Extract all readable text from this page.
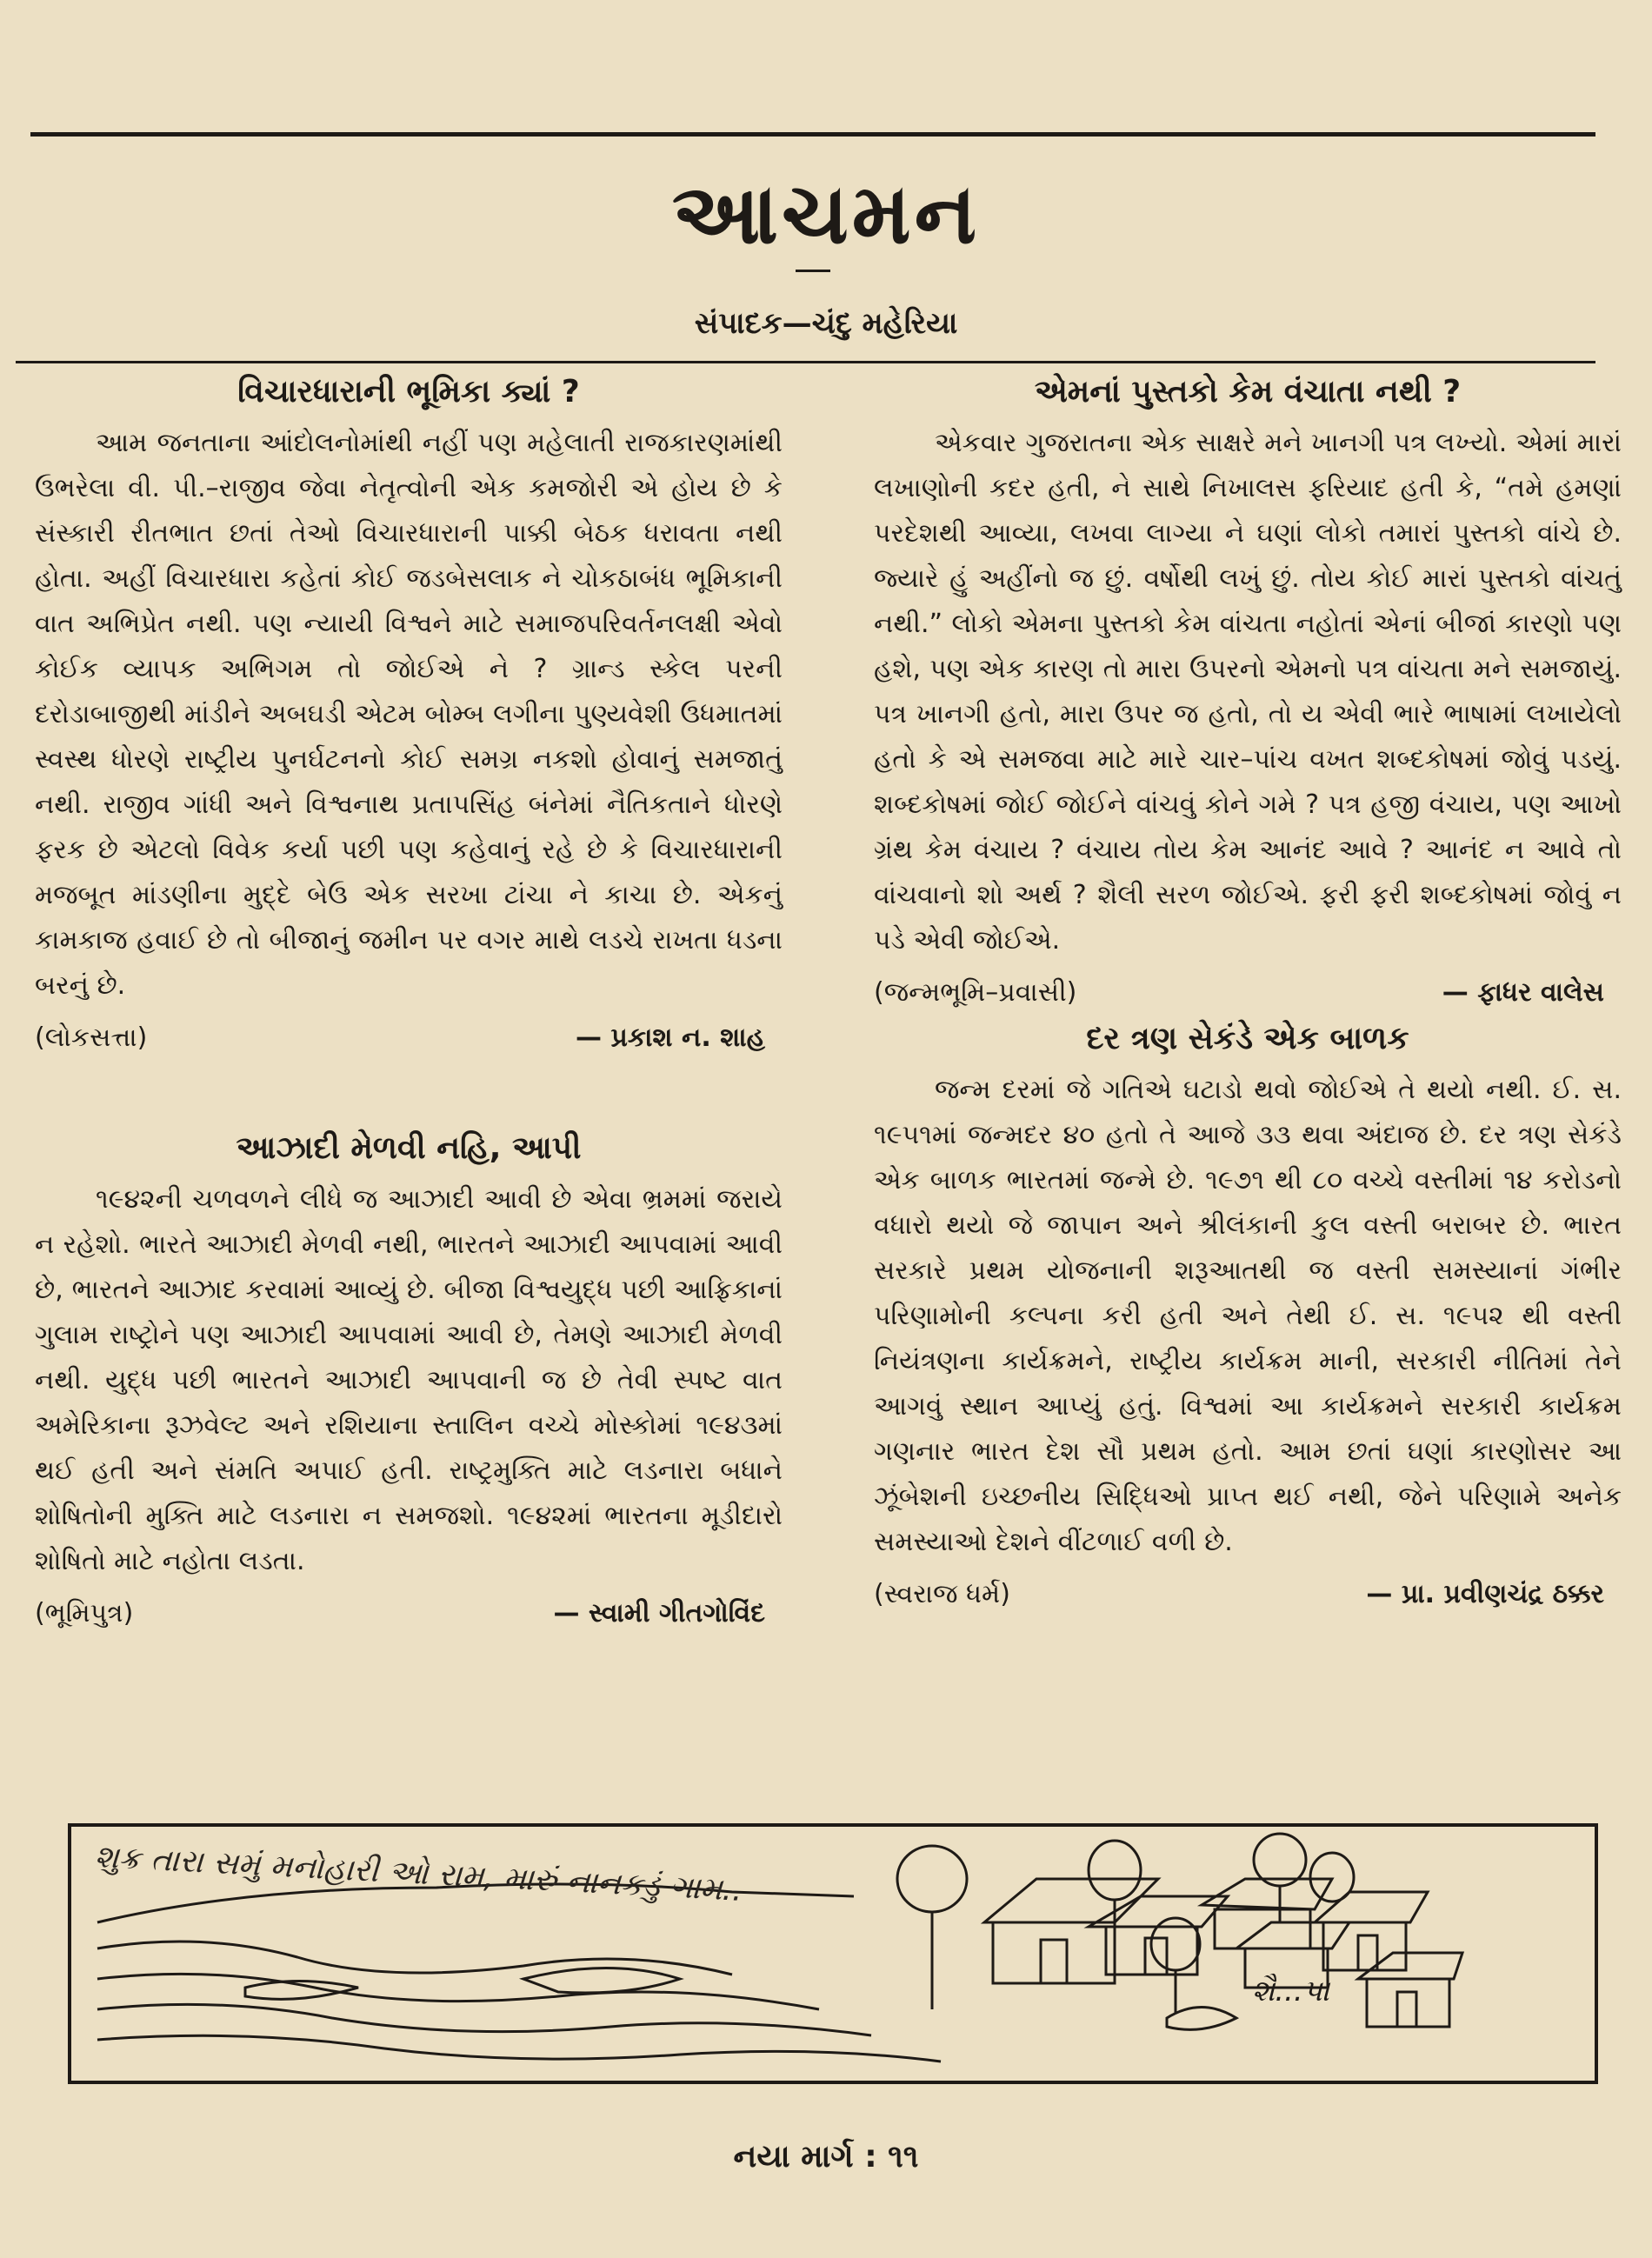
આચમન
સંપાદક—ચંદુ મહેરિયા
વિચારધારાની ભૂમિકા ક્યાં ?

આમ જનતાના આંદોલનોમાંથી નહીં પણ મહેલાતી રાજકારણમાંથી ઉભરેલા વી. પી.–રાજીવ જેવા નેતૃત્વોની એક કમજોરી એ હોય છે કે સંસ્કારી રીતભાત છતાં તેઓ વિચારધારાની પાક્કી બેઠક ધરાવતા નથી હોતા. અહીં વિચારધારા કહેતાં કોઈ જડબેસલાક ને ચોકઠાબંધ ભૂમિકાની વાત અભિપ્રેત નથી. પણ ન્યાયી વિશ્વને માટે સમાજપરિવર્તનલક્ષી એવો કોઈક વ્યાપક અભિગમ તો જોઈએ ને ? ગ્રાન્ડ સ્કેલ પરની દરોડાબાજીથી માંડીને અબઘડી એટમ બોમ્બ લગીના પુણ્યવેશી ઉધમાતમાં સ્વસ્થ ધોરણે રાષ્ટ્રીય પુનર્ઘટનનો કોઈ સમગ્ર નકશો હોવાનું સમજાતું નથી. રાજીવ ગાંધી અને વિશ્વનાથ પ્રતાપસિંહ બંનેમાં નૈતિકતાને ધોરણે ફરક છે એટલો વિવેક કર્યા પછી પણ કહેવાનું રહે છે કે વિચારધારાની મજબૂત માંડણીના મુદ્દે બેઉ એક સરખા ટાંચા ને કાચા છે. એકનું કામકાજ હવાઈ છે તો બીજાનું જમીન પર વગર માથે લડચે રાખતા ધડના બરનું છે.

(લોકસત્તા)	— પ્રકાશ ન. શાહ
આઝાદી મેળવી નહિ, આપી

૧૯૪૨ની ચળવળને લીધે જ આઝાદી આવી છે એવા ભ્રમમાં જરાયે ન રહેશો. ભારતે આઝાદી મેળવી નથી, ભારતને આઝાદી આપવામાં આવી છે, ભારતને આઝાદ કરવામાં આવ્યું છે. બીજા વિશ્વયુદ્ધ પછી આફ્રિકાનાં ગુલામ રાષ્ટ્રોને પણ આઝાદી આપવામાં આવી છે, તેમણે આઝાદી મેળવી નથી. યુદ્ધ પછી ભારતને આઝાદી આપવાની જ છે તેવી સ્પષ્ટ વાત અમેરિકાના રૂઝવેલ્ટ અને રશિયાના સ્તાલિન વચ્ચે મોસ્કોમાં ૧૯૪૩માં થઈ હતી અને સંમતિ અપાઈ હતી. રાષ્ટ્રમુક્તિ માટે લડનારા બધાને શોષિતોની મુક્તિ માટે લડનારા ન સમજશો. ૧૯૪૨માં ભારતના મૂડીદારો શોષિતો માટે નહોતા લડતા.

(ભૂમિપુત્ર)	— સ્વામી ગીતગોવિંદ
એમનાં પુસ્તકો કેમ વંચાતા નથી ?

એકવાર ગુજરાતના એક સાક્ષરે મને ખાનગી પત્ર લખ્યો. એમાં મારાં લખાણોની કદર હતી, ને સાથે નિખાલસ ફરિયાદ હતી કે, “તમે હમણાં પરદેશથી આવ્યા, લખવા લાગ્યા ને ઘણાં લોકો તમારાં પુસ્તકો વાંચે છે. જ્યારે હું અહીંનો જ છું. વર્ષોથી લખું છું. તોય કોઈ મારાં પુસ્તકો વાંચતું નથી.” લોકો એમના પુસ્તકો કેમ વાંચતા નહોતાં એનાં બીજાં કારણો પણ હશે, પણ એક કારણ તો મારા ઉપરનો એમનો પત્ર વાંચતા મને સમજાયું. પત્ર ખાનગી હતો, મારા ઉપર જ હતો, તો ય એવી ભારે ભાષામાં લખાયેલો હતો કે એ સમજવા માટે મારે ચાર–પાંચ વખત શબ્દકોષમાં જોવું પડયું. શબ્દકોષમાં જોઈ જોઈને વાંચવું કોને ગમે ? પત્ર હજી વંચાય, પણ આખો ગ્રંથ કેમ વંચાય ? વંચાય તોય કેમ આનંદ આવે ? આનંદ ન આવે તો વાંચવાનો શો અર્થ ? શૈલી સરળ જોઈએ. ફરી ફરી શબ્દકોષમાં જોવું ન પડે એવી જોઈએ.

(જન્મભૂમિ–પ્રવાસી)	— ફાધર વાલેસ
દર ત્રણ સેકંડે એક બાળક

જન્મ દરમાં જે ગતિએ ઘટાડો થવો જોઈએ તે થયો નથી. ઈ. સ. ૧૯૫૧માં જન્મદર ૪૦ હતો તે આજે ૩૩ થવા અંદાજ છે. દર ત્રણ સેકંડે એક બાળક ભારતમાં જન્મે છે. ૧૯૭૧ થી ૮૦ વચ્ચે વસ્તીમાં ૧૪ કરોડનો વધારો થયો જે જાપાન અને શ્રીલંકાની કુલ વસ્તી બરાબર છે. ભારત સરકારે પ્રથમ યોજનાની શરૂઆતથી જ વસ્તી સમસ્યાનાં ગંભીર પરિણામોની કલ્પના કરી હતી અને તેથી ઈ. સ. ૧૯૫૨ થી વસ્તી નિયંત્રણના કાર્યક્રમને, રાષ્ટ્રીય કાર્યક્રમ માની, સરકારી નીતિમાં તેને આગવું સ્થાન આપ્યું હતું. વિશ્વમાં આ કાર્યક્રમને સરકારી કાર્યક્રમ ગણનાર ભારત દેશ સૌ પ્રથમ હતો. આમ છતાં ઘણાં કારણોસર આ ઝૂંબેશની ઇચ્છનીય સિદ્ધિઓ પ્રાપ્ત થઈ નથી, જેને પરિણામે અનેક સમસ્યાઓ દેશને વીંટળાઈ વળી છે.

(સ્વરાજ ધર્મ)	— પ્રા. પ્રવીણચંદ્ર ઠક્કર
શુક્ર તારા સમું મનોહારી ઓ રામ, મારું નાનકડું ગામ..
શૈ...પા
નયા માર્ગ : ૧૧
